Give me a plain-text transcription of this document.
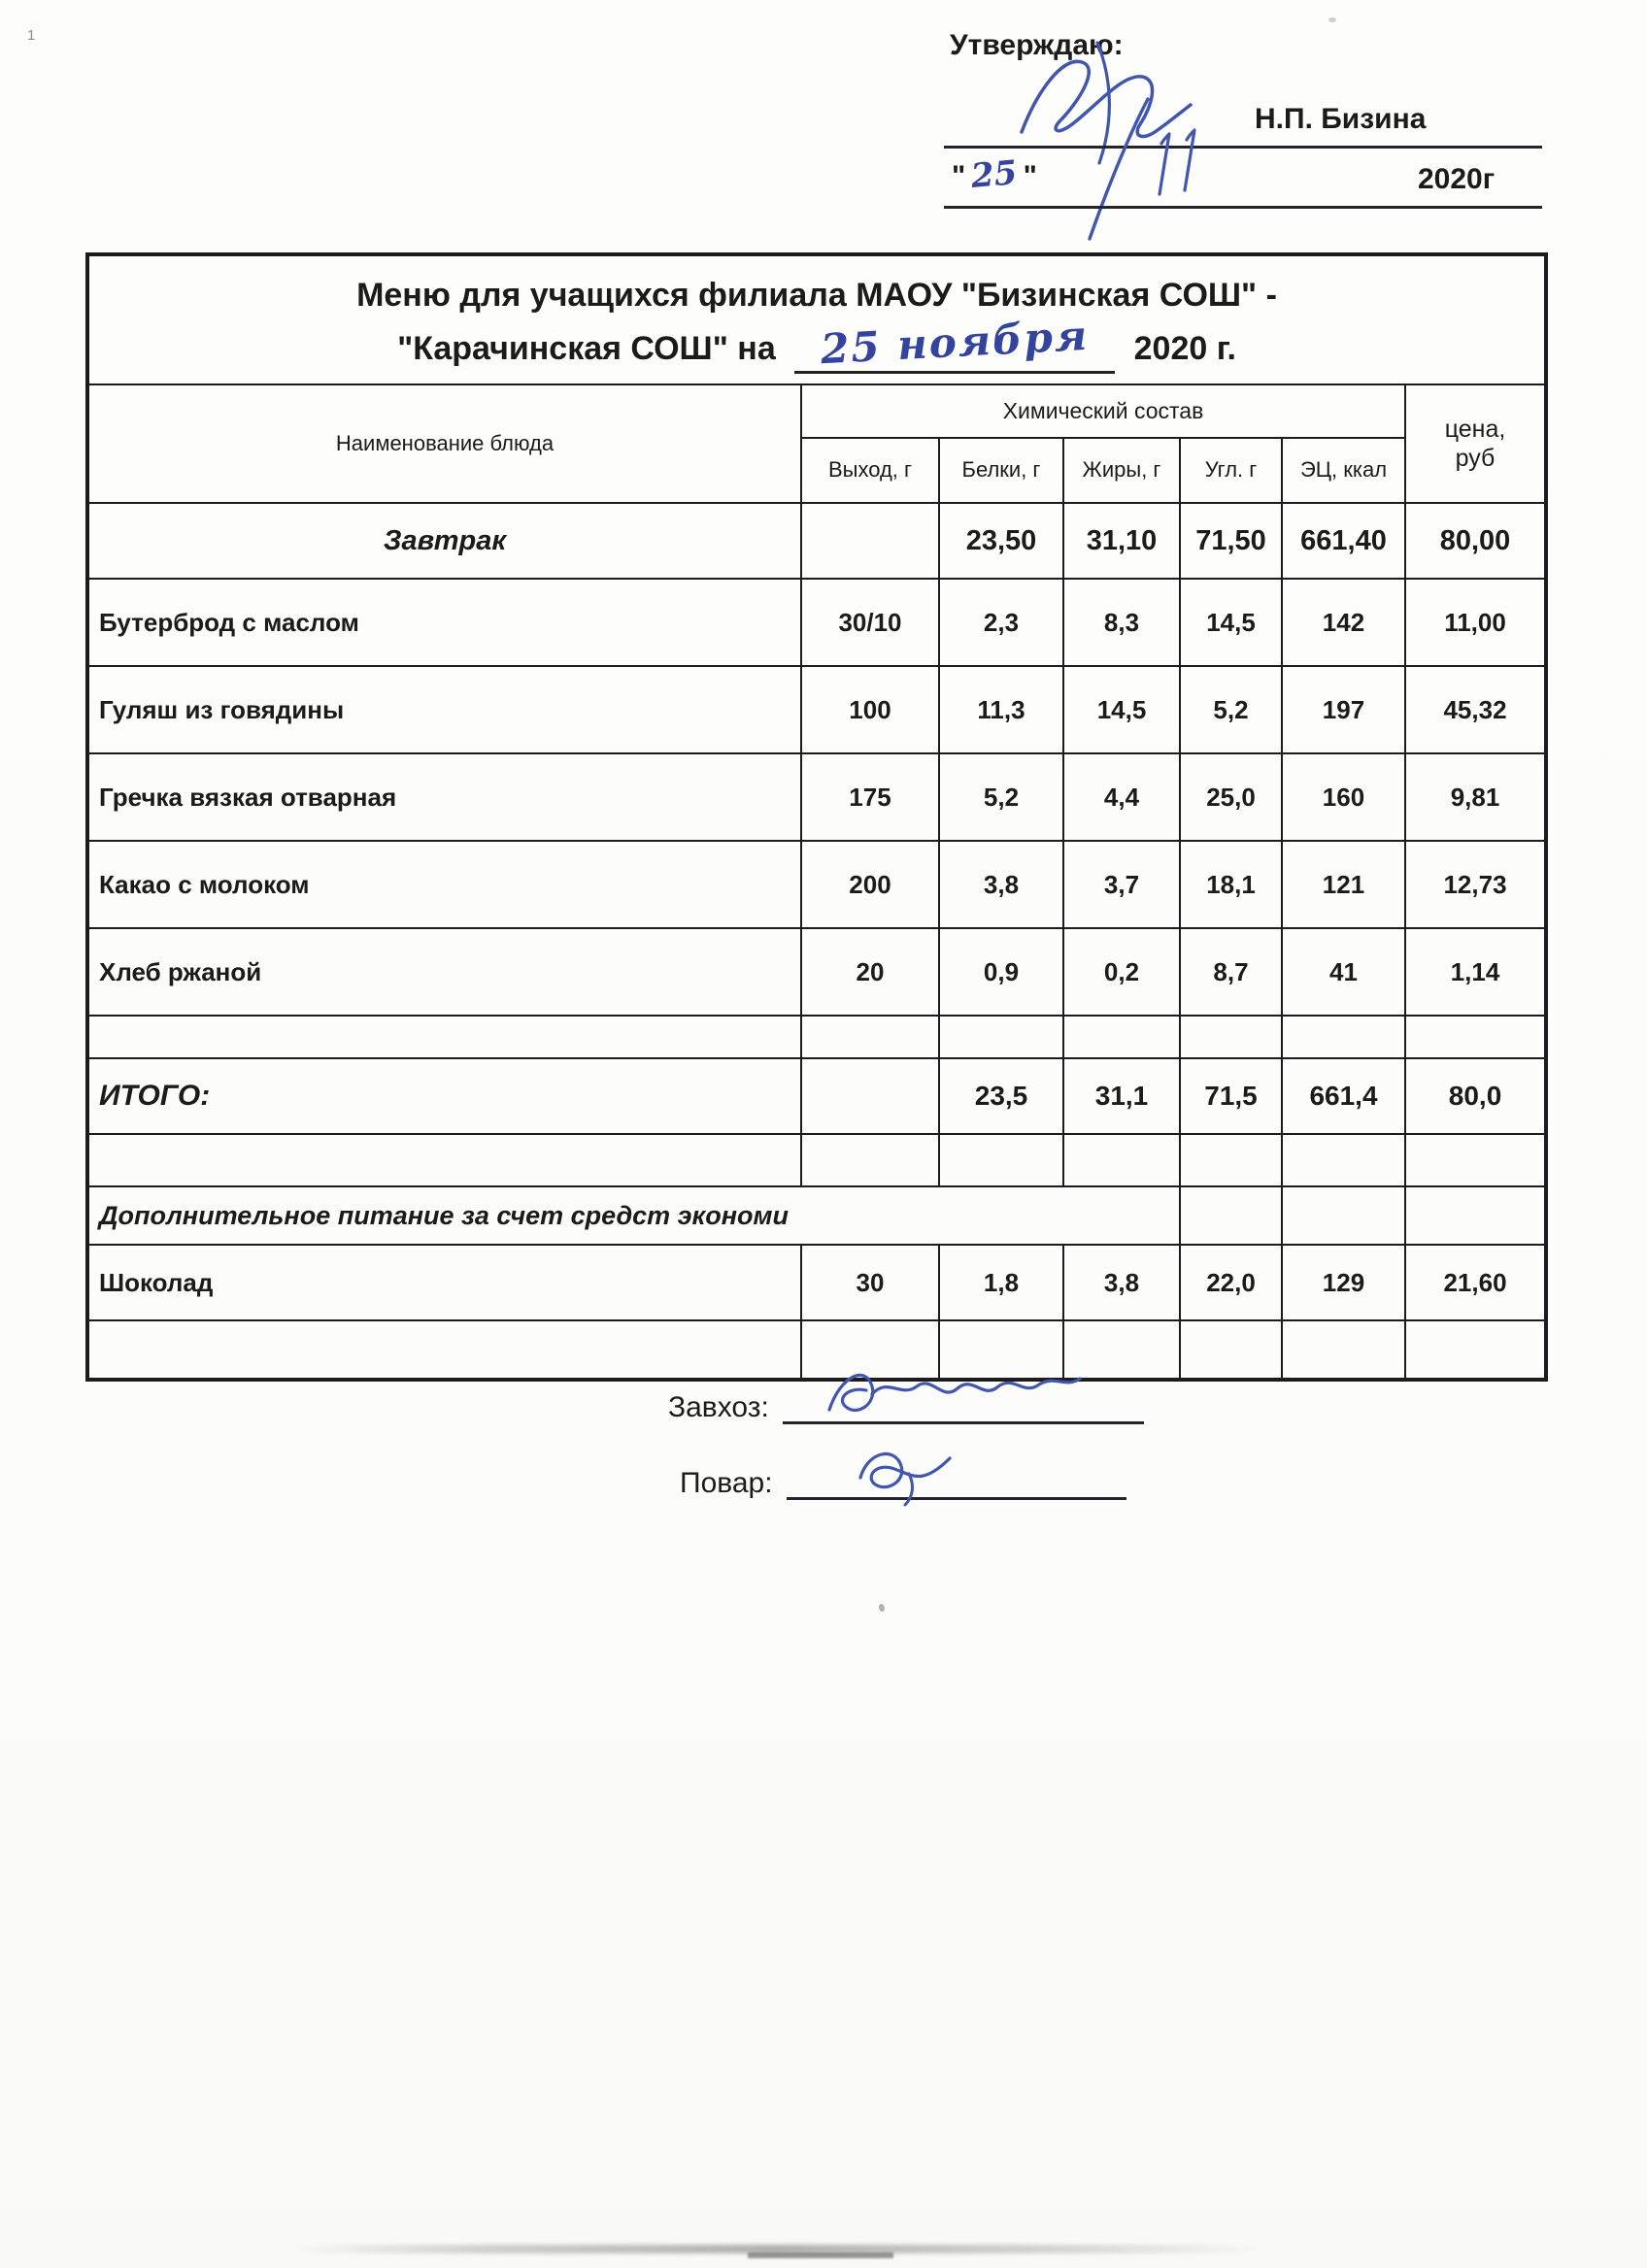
1	Утверждаю:
Н.П. Бизина
" 25 "	2020г
Меню для учащихся филиала МАОУ "Бизинская СОШ" -
"Карачинская СОШ" на 25 ноября 2020 г.						

Наименование блюда	Химический состав					цена,
руб

	Выход, г	Белки, г	Жиры, г	Угл. г	ЭЦ, ккал	
Завтрак		23,50	31,10	71,50	661,40	80,00
Бутерброд с маслом	30/10	2,3	8,3	14,5	142	11,00
Гуляш из говядины	100	11,3	14,5	5,2	197	45,32
Гречка вязкая отварная	175	5,2	4,4	25,0	160	9,81
Какао с молоком	200	3,8	3,7	18,1	121	12,73
Хлеб ржаной	20	0,9	0,2	8,7	41	1,14

ИТОГО:		23,5	31,1	71,5	661,4	80,0

Дополнительное питание за счет средст экономи						
Шоколад	30	1,8	3,8	22,0	129	21,60

Завхоз:
Повар:
